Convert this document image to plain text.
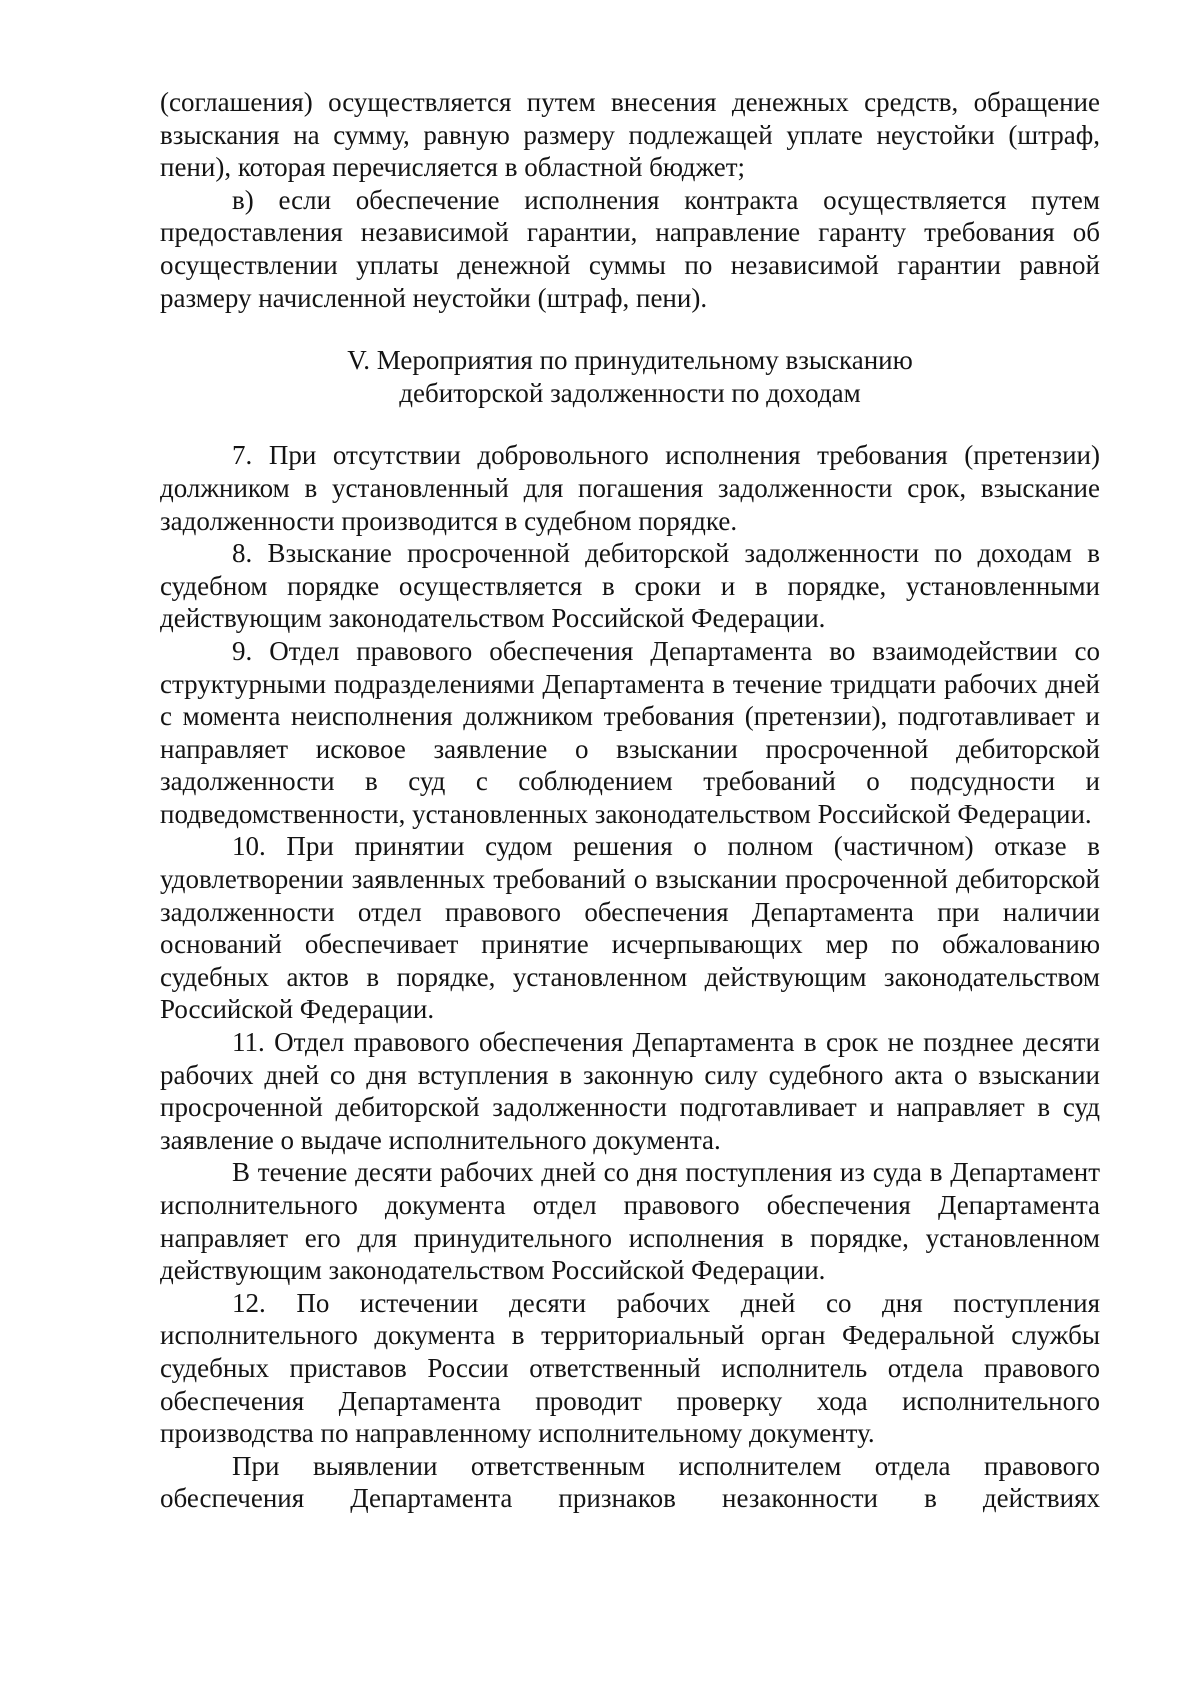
(соглашения) осуществляется путем внесения денежных средств, обращение взыскания на сумму, равную размеру подлежащей уплате неустойки (штраф, пени), которая перечисляется в областной бюджет;

в) если обеспечение исполнения контракта осуществляется путем предоставления независимой гарантии, направление гаранту требования об осуществлении уплаты денежной суммы по независимой гарантии равной размеру начисленной неустойки (штраф, пени).

V. Мероприятия по принудительному взысканию
дебиторской задолженности по доходам

7. При отсутствии добровольного исполнения требования (претензии) должником в установленный для погашения задолженности срок, взыскание задолженности производится в судебном порядке.

8. Взыскание просроченной дебиторской задолженности по доходам в судебном порядке осуществляется в сроки и в порядке, установленными действующим законодательством Российской Федерации.

9. Отдел правового обеспечения Департамента во взаимодействии со структурными подразделениями Департамента в течение тридцати рабочих дней с момента неисполнения должником требования (претензии), подготавливает и направляет исковое заявление о взыскании просроченной дебиторской задолженности в суд с соблюдением требований о подсудности и подведомственности, установленных законодательством Российской Федерации.

10. При принятии судом решения о полном (частичном) отказе в удовлетворении заявленных требований о взыскании просроченной дебиторской задолженности отдел правового обеспечения Департамента при наличии оснований обеспечивает принятие исчерпывающих мер по обжалованию судебных актов в порядке, установленном действующим законодательством Российской Федерации.

11. Отдел правового обеспечения Департамента в срок не позднее десяти рабочих дней со дня вступления в законную силу судебного акта о взыскании просроченной дебиторской задолженности подготавливает и направляет в суд заявление о выдаче исполнительного документа.

В течение десяти рабочих дней со дня поступления из суда в Департамент исполнительного документа отдел правового обеспечения Департамента направляет его для принудительного исполнения в порядке, установленном действующим законодательством Российской Федерации.

12. По истечении десяти рабочих дней со дня поступления исполнительного документа в территориальный орган Федеральной службы судебных приставов России ответственный исполнитель отдела правового обеспечения Департамента проводит проверку хода исполнительного производства по направленному исполнительному документу.

При выявлении ответственным исполнителем отдела правового обеспечения Департамента признаков незаконности в действиях
